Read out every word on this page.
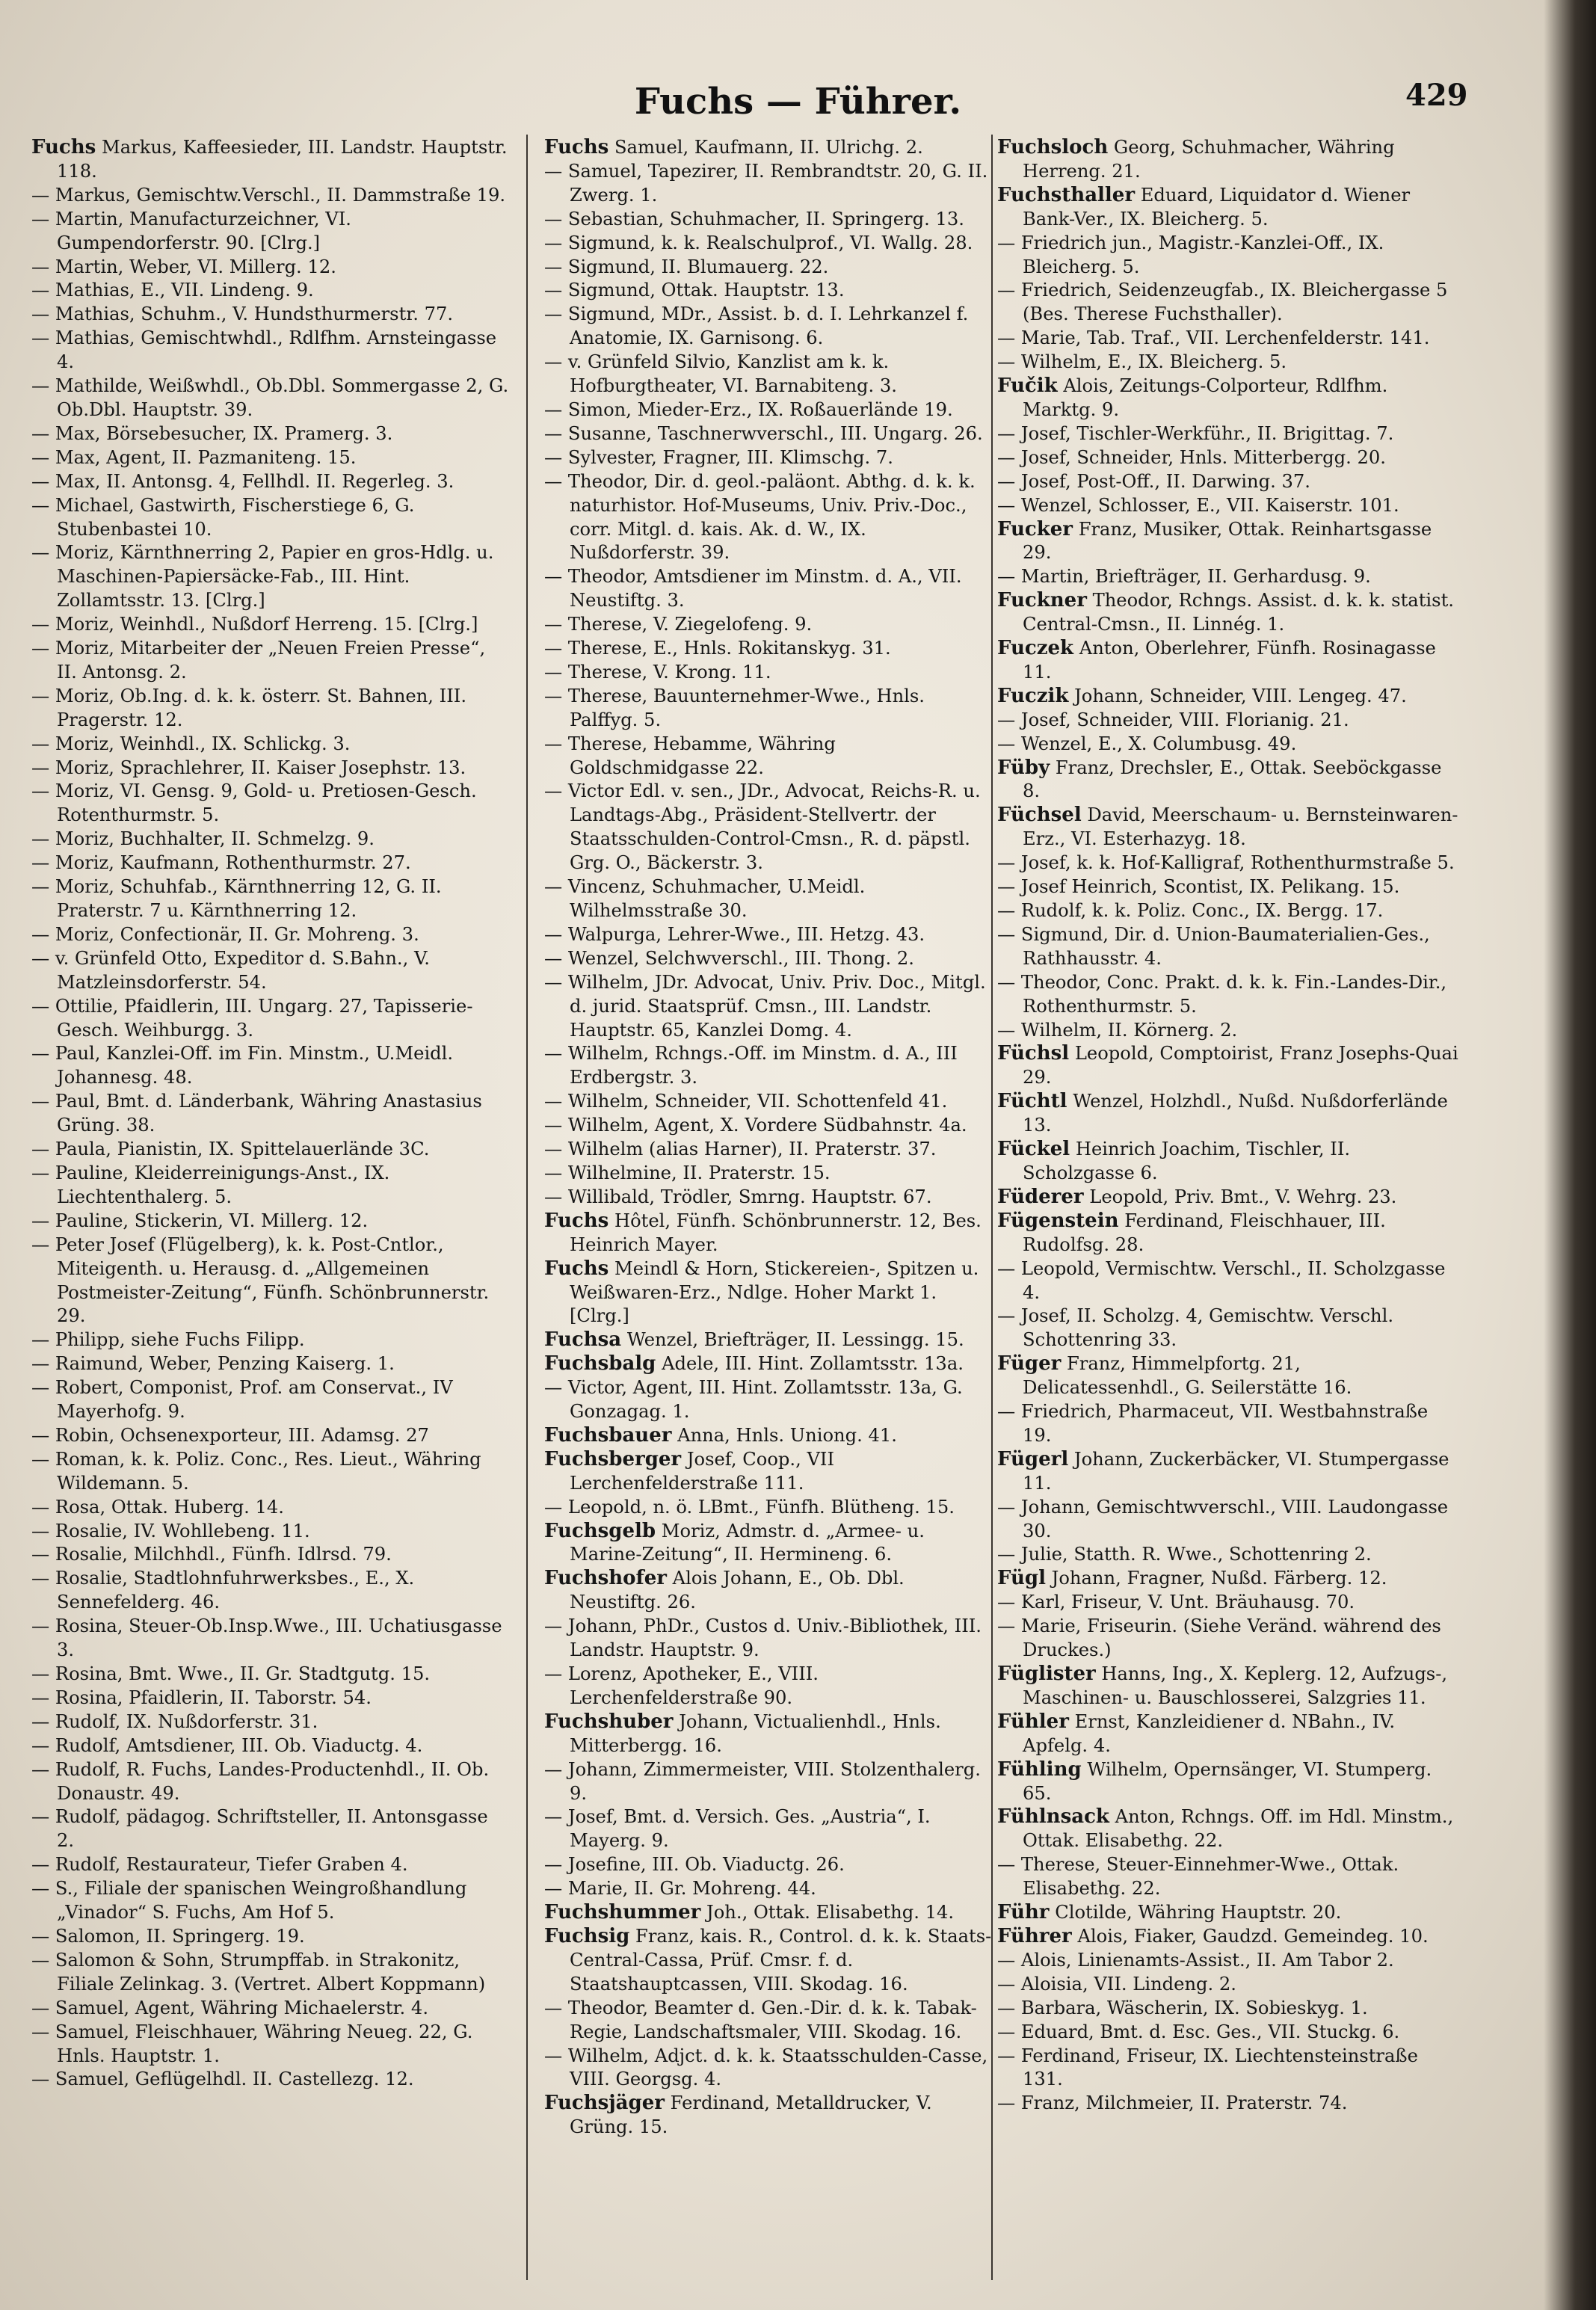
Fuchs — Führer.	429

Fuchs Markus, Kaffeesieder, III. Landstr. Hauptstr. 118.

— Markus, Gemischtw.Verschl., II. Dammstraße 19.

— Martin, Manufacturzeichner, VI. Gumpendorferstr. 90. [Clrg.]

— Martin, Weber, VI. Millerg. 12.

— Mathias, E., VII. Lindeng. 9.

— Mathias, Schuhm., V. Hundsthurmerstr. 77.

— Mathias, Gemischtwhdl., Rdlfhm. Arnsteingasse 4.

— Mathilde, Weißwhdl., Ob.Dbl. Sommergasse 2, G. Ob.Dbl. Hauptstr. 39.

— Max, Börsebesucher, IX. Pramerg. 3.

— Max, Agent, II. Pazmaniteng. 15.

— Max, II. Antonsg. 4, Fellhdl. II. Regerleg. 3.

— Michael, Gastwirth, Fischerstiege 6, G. Stubenbastei 10.

— Moriz, Kärnthnerring 2, Papier en gros-Hdlg. u. Maschinen-Papiersäcke-Fab., III. Hint. Zollamtsstr. 13. [Clrg.]

— Moriz, Weinhdl., Nußdorf Herreng. 15. [Clrg.]

— Moriz, Mitarbeiter der „Neuen Freien Presse“, II. Antonsg. 2.

— Moriz, Ob.Ing. d. k. k. österr. St. Bahnen, III. Pragerstr. 12.

— Moriz, Weinhdl., IX. Schlickg. 3.

— Moriz, Sprachlehrer, II. Kaiser Josephstr. 13.

— Moriz, VI. Gensg. 9, Gold- u. Pretiosen-Gesch. Rotenthurmstr. 5.

— Moriz, Buchhalter, II. Schmelzg. 9.

— Moriz, Kaufmann, Rothenthurmstr. 27.

— Moriz, Schuhfab., Kärnthnerring 12, G. II. Praterstr. 7 u. Kärnthnerring 12.

— Moriz, Confectionär, II. Gr. Mohreng. 3.

— v. Grünfeld Otto, Expeditor d. S.Bahn., V. Matzleinsdorferstr. 54.

— Ottilie, Pfaidlerin, III. Ungarg. 27, Tapisserie-Gesch. Weihburgg. 3.

— Paul, Kanzlei-Off. im Fin. Minstm., U.Meidl. Johannesg. 48.

— Paul, Bmt. d. Länderbank, Währing Anastasius Grüng. 38.

— Paula, Pianistin, IX. Spittelauerlände 3C.

— Pauline, Kleiderreinigungs-Anst., IX. Liechtenthalerg. 5.

— Pauline, Stickerin, VI. Millerg. 12.

— Peter Josef (Flügelberg), k. k. Post-Cntlor., Miteigenth. u. Herausg. d. „Allgemeinen Postmeister-Zeitung“, Fünfh. Schönbrunnerstr. 29.

— Philipp, siehe Fuchs Filipp.

— Raimund, Weber, Penzing Kaiserg. 1.

— Robert, Componist, Prof. am Conservat., IV Mayerhofg. 9.

— Robin, Ochsenexporteur, III. Adamsg. 27

— Roman, k. k. Poliz. Conc., Res. Lieut., Währing Wildemann. 5.

— Rosa, Ottak. Huberg. 14.

— Rosalie, IV. Wohllebeng. 11.

— Rosalie, Milchhdl., Fünfh. Idlrsd. 79.

— Rosalie, Stadtlohnfuhrwerksbes., E., X. Sennefelderg. 46.

— Rosina, Steuer-Ob.Insp.Wwe., III. Uchatiusgasse 3.

— Rosina, Bmt. Wwe., II. Gr. Stadtgutg. 15.

— Rosina, Pfaidlerin, II. Taborstr. 54.

— Rudolf, IX. Nußdorferstr. 31.

— Rudolf, Amtsdiener, III. Ob. Viaductg. 4.

— Rudolf, R. Fuchs, Landes-Productenhdl., II. Ob. Donaustr. 49.

— Rudolf, pädagog. Schriftsteller, II. Antonsgasse 2.

— Rudolf, Restaurateur, Tiefer Graben 4.

— S., Filiale der spanischen Weingroßhandlung „Vinador“ S. Fuchs, Am Hof 5.

— Salomon, II. Springerg. 19.

— Salomon & Sohn, Strumpffab. in Strakonitz, Filiale Zelinkag. 3. (Vertret. Albert Koppmann)

— Samuel, Agent, Währing Michaelerstr. 4.

— Samuel, Fleischhauer, Währing Neueg. 22, G. Hnls. Hauptstr. 1.

— Samuel, Geflügelhdl. II. Castellezg. 12.

Fuchs Samuel, Kaufmann, II. Ulrichg. 2.

— Samuel, Tapezirer, II. Rembrandtstr. 20, G. II. Zwerg. 1.

— Sebastian, Schuhmacher, II. Springerg. 13.

— Sigmund, k. k. Realschulprof., VI. Wallg. 28.

— Sigmund, II. Blumauerg. 22.

— Sigmund, Ottak. Hauptstr. 13.

— Sigmund, MDr., Assist. b. d. I. Lehrkanzel f. Anatomie, IX. Garnisong. 6.

— v. Grünfeld Silvio, Kanzlist am k. k. Hofburgtheater, VI. Barnabiteng. 3.

— Simon, Mieder-Erz., IX. Roßauerlände 19.

— Susanne, Taschnerwverschl., III. Ungarg. 26.

— Sylvester, Fragner, III. Klimschg. 7.

— Theodor, Dir. d. geol.-paläont. Abthg. d. k. k. naturhistor. Hof-Museums, Univ. Priv.-Doc., corr. Mitgl. d. kais. Ak. d. W., IX. Nußdorferstr. 39.

— Theodor, Amtsdiener im Minstm. d. A., VII. Neustiftg. 3.

— Therese, V. Ziegelofeng. 9.

— Therese, E., Hnls. Rokitanskyg. 31.

— Therese, V. Krong. 11.

— Therese, Bauunternehmer-Wwe., Hnls. Palffyg. 5.

— Therese, Hebamme, Währing Goldschmidgasse 22.

— Victor Edl. v. sen., JDr., Advocat, Reichs-R. u. Landtags-Abg., Präsident-Stellvertr. der Staatsschulden-Control-Cmsn., R. d. päpstl. Grg. O., Bäckerstr. 3.

— Vincenz, Schuhmacher, U.Meidl. Wilhelmsstraße 30.

— Walpurga, Lehrer-Wwe., III. Hetzg. 43.

— Wenzel, Selchwverschl., III. Thong. 2.

— Wilhelm, JDr. Advocat, Univ. Priv. Doc., Mitgl. d. jurid. Staatsprüf. Cmsn., III. Landstr. Hauptstr. 65, Kanzlei Domg. 4.

— Wilhelm, Rchngs.-Off. im Minstm. d. A., III Erdbergstr. 3.

— Wilhelm, Schneider, VII. Schottenfeld 41.

— Wilhelm, Agent, X. Vordere Südbahnstr. 4a.

— Wilhelm (alias Harner), II. Praterstr. 37.

— Wilhelmine, II. Praterstr. 15.

— Willibald, Trödler, Smrng. Hauptstr. 67.

Fuchs Hôtel, Fünfh. Schönbrunnerstr. 12, Bes. Heinrich Mayer.

Fuchs Meindl & Horn, Stickereien-, Spitzen u. Weißwaren-Erz., Ndlge. Hoher Markt 1. [Clrg.]

Fuchsa Wenzel, Briefträger, II. Lessingg. 15.

Fuchsbalg Adele, III. Hint. Zollamtsstr. 13a.

— Victor, Agent, III. Hint. Zollamtsstr. 13a, G. Gonzagag. 1.

Fuchsbauer Anna, Hnls. Uniong. 41.

Fuchsberger Josef, Coop., VII Lerchenfelderstraße 111.

— Leopold, n. ö. LBmt., Fünfh. Blütheng. 15.

Fuchsgelb Moriz, Admstr. d. „Armee- u. Marine-Zeitung“, II. Hermineng. 6.

Fuchshofer Alois Johann, E., Ob. Dbl. Neustiftg. 26.

— Johann, PhDr., Custos d. Univ.-Bibliothek, III. Landstr. Hauptstr. 9.

— Lorenz, Apotheker, E., VIII. Lerchenfelderstraße 90.

Fuchshuber Johann, Victualienhdl., Hnls. Mitterbergg. 16.

— Johann, Zimmermeister, VIII. Stolzenthalerg. 9.

— Josef, Bmt. d. Versich. Ges. „Austria“, I. Mayerg. 9.

— Josefine, III. Ob. Viaductg. 26.

— Marie, II. Gr. Mohreng. 44.

Fuchshummer Joh., Ottak. Elisabethg. 14.

Fuchsig Franz, kais. R., Control. d. k. k. Staats-Central-Cassa, Prüf. Cmsr. f. d. Staatshauptcassen, VIII. Skodag. 16.

— Theodor, Beamter d. Gen.-Dir. d. k. k. Tabak-Regie, Landschaftsmaler, VIII. Skodag. 16.

— Wilhelm, Adjct. d. k. k. Staatsschulden-Casse, VIII. Georgsg. 4.

Fuchsjäger Ferdinand, Metalldrucker, V. Grüng. 15.

Fuchsloch Georg, Schuhmacher, Währing Herreng. 21.

Fuchsthaller Eduard, Liquidator d. Wiener Bank-Ver., IX. Bleicherg. 5.

— Friedrich jun., Magistr.-Kanzlei-Off., IX. Bleicherg. 5.

— Friedrich, Seidenzeugfab., IX. Bleichergasse 5 (Bes. Therese Fuchsthaller).

— Marie, Tab. Traf., VII. Lerchenfelderstr. 141.

— Wilhelm, E., IX. Bleicherg. 5.

Fučik Alois, Zeitungs-Colporteur, Rdlfhm. Marktg. 9.

— Josef, Tischler-Werkführ., II. Brigittag. 7.

— Josef, Schneider, Hnls. Mitterbergg. 20.

— Josef, Post-Off., II. Darwing. 37.

— Wenzel, Schlosser, E., VII. Kaiserstr. 101.

Fucker Franz, Musiker, Ottak. Reinhartsgasse 29.

— Martin, Briefträger, II. Gerhardusg. 9.

Fuckner Theodor, Rchngs. Assist. d. k. k. statist. Central-Cmsn., II. Linnég. 1.

Fuczek Anton, Oberlehrer, Fünfh. Rosinagasse 11.

Fuczik Johann, Schneider, VIII. Lengeg. 47.

— Josef, Schneider, VIII. Florianig. 21.

— Wenzel, E., X. Columbusg. 49.

Füby Franz, Drechsler, E., Ottak. Seeböckgasse 8.

Füchsel David, Meerschaum- u. Bernsteinwaren-Erz., VI. Esterhazyg. 18.

— Josef, k. k. Hof-Kalligraf, Rothenthurmstraße 5.

— Josef Heinrich, Scontist, IX. Pelikang. 15.

— Rudolf, k. k. Poliz. Conc., IX. Bergg. 17.

— Sigmund, Dir. d. Union-Baumaterialien-Ges., Rathhausstr. 4.

— Theodor, Conc. Prakt. d. k. k. Fin.-Landes-Dir., Rothenthurmstr. 5.

— Wilhelm, II. Körnerg. 2.

Füchsl Leopold, Comptoirist, Franz Josephs-Quai 29.

Füchtl Wenzel, Holzhdl., Nußd. Nußdorferlände 13.

Fückel Heinrich Joachim, Tischler, II. Scholzgasse 6.

Füderer Leopold, Priv. Bmt., V. Wehrg. 23.

Fügenstein Ferdinand, Fleischhauer, III. Rudolfsg. 28.

— Leopold, Vermischtw. Verschl., II. Scholzgasse 4.

— Josef, II. Scholzg. 4, Gemischtw. Verschl. Schottenring 33.

Füger Franz, Himmelpfortg. 21, Delicatessenhdl., G. Seilerstätte 16.

— Friedrich, Pharmaceut, VII. Westbahnstraße 19.

Fügerl Johann, Zuckerbäcker, VI. Stumpergasse 11.

— Johann, Gemischtwverschl., VIII. Laudongasse 30.

— Julie, Statth. R. Wwe., Schottenring 2.

Fügl Johann, Fragner, Nußd. Färberg. 12.

— Karl, Friseur, V. Unt. Bräuhausg. 70.

— Marie, Friseurin. (Siehe Veränd. während des Druckes.)

Füglister Hanns, Ing., X. Keplerg. 12, Aufzugs-, Maschinen- u. Bauschlosserei, Salzgries 11.

Fühler Ernst, Kanzleidiener d. NBahn., IV. Apfelg. 4.

Fühling Wilhelm, Opernsänger, VI. Stumperg. 65.

Fühlnsack Anton, Rchngs. Off. im Hdl. Minstm., Ottak. Elisabethg. 22.

— Therese, Steuer-Einnehmer-Wwe., Ottak. Elisabethg. 22.

Führ Clotilde, Währing Hauptstr. 20.

Führer Alois, Fiaker, Gaudzd. Gemeindeg. 10.

— Alois, Linienamts-Assist., II. Am Tabor 2.

— Aloisia, VII. Lindeng. 2.

— Barbara, Wäscherin, IX. Sobieskyg. 1.

— Eduard, Bmt. d. Esc. Ges., VII. Stuckg. 6.

— Ferdinand, Friseur, IX. Liechtensteinstraße 131.

— Franz, Milchmeier, II. Praterstr. 74.
